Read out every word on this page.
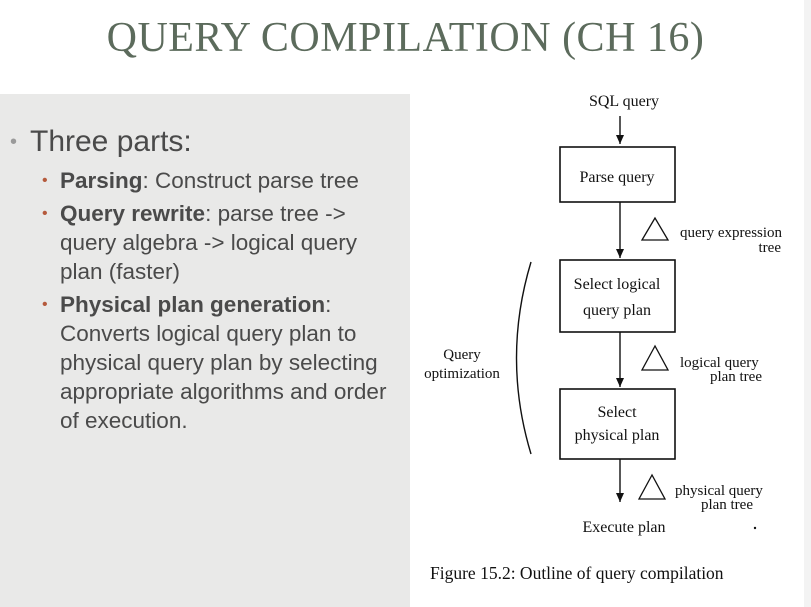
QUERY COMPILATION (CH 16)
• Three parts:
• Parsing: Construct parse tree
• Query rewrite: parse tree -> query algebra -> logical query plan (faster)
• Physical plan generation: Converts logical query plan to physical query plan by selecting appropriate algorithms and order of execution.
SQL query
Parse query
query expression
tree
Select logical
query plan
logical query
plan tree
Query
optimization
Select
physical plan
physical query
plan tree
Execute plan
Figure 15.2: Outline of query compilation
